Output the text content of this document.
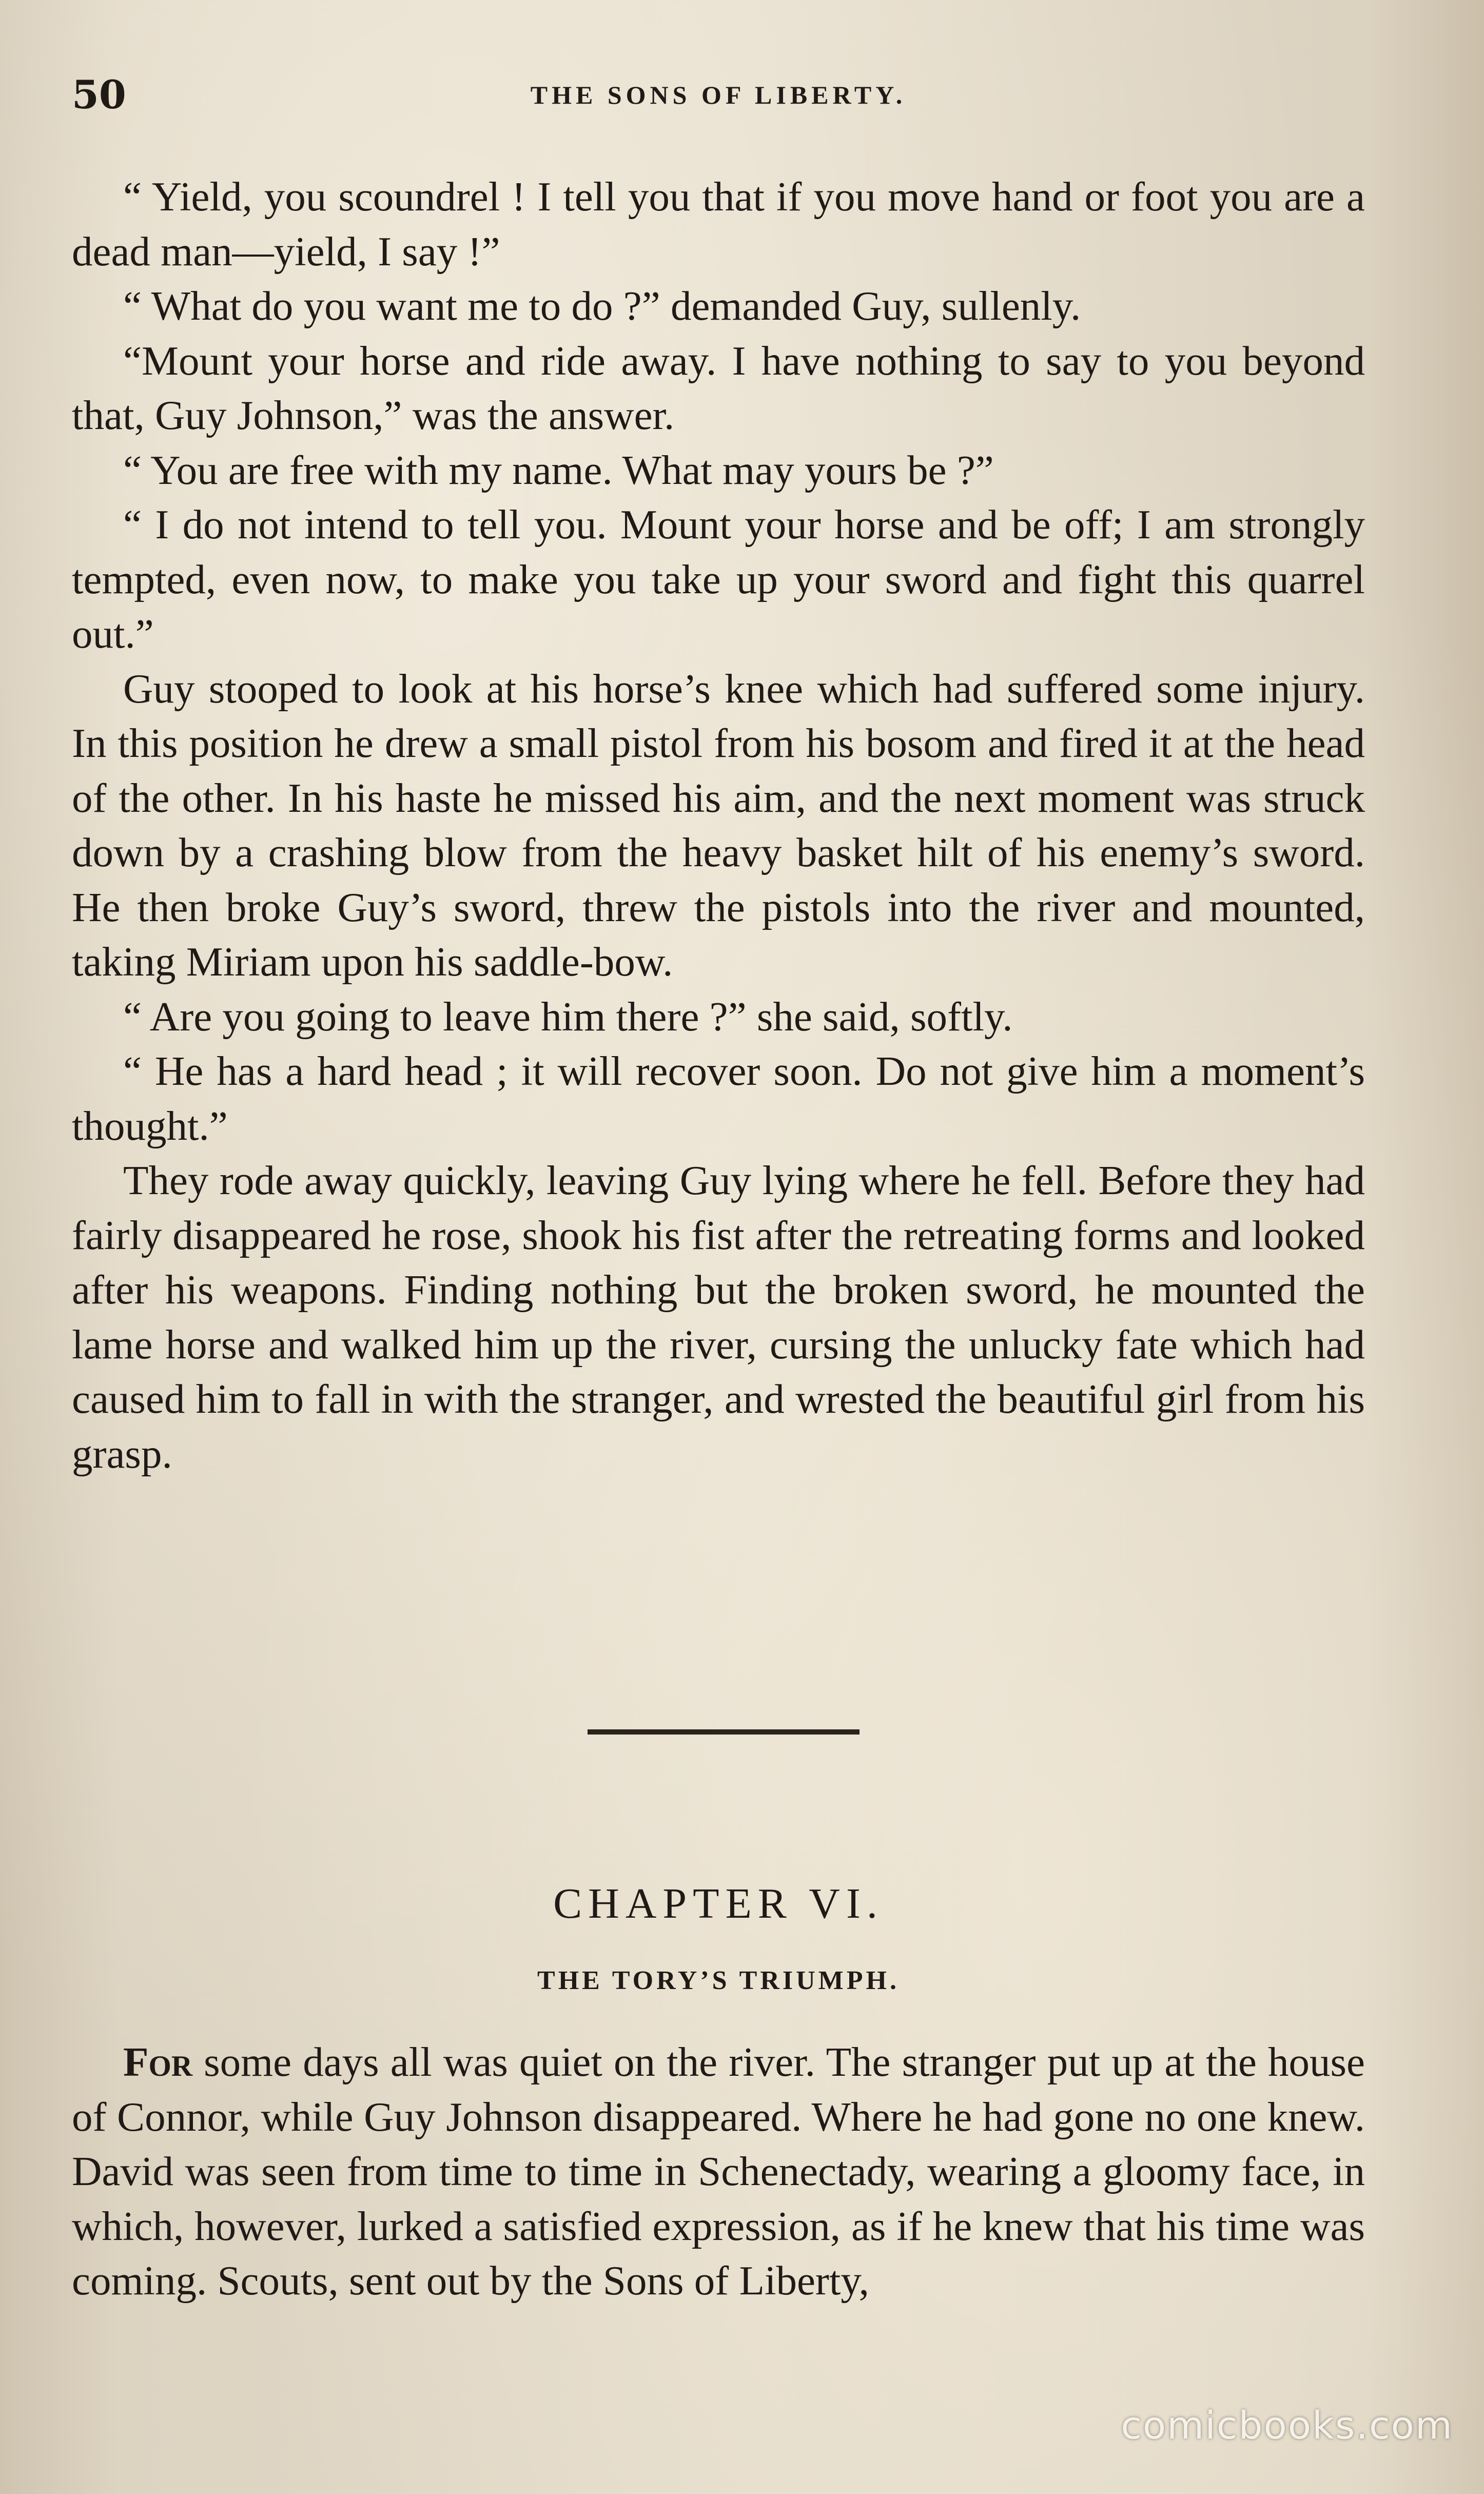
50	THE SONS OF LIBERTY.

“ Yield, you scoundrel ! I tell you that if you move hand or foot you are a dead man—yield, I say !”

“ What do you want me to do ?” demanded Guy, sullenly.

“Mount your horse and ride away. I have nothing to say to you beyond that, Guy Johnson,” was the answer.

“ You are free with my name. What may yours be ?”

“ I do not intend to tell you. Mount your horse and be off; I am strongly tempted, even now, to make you take up your sword and fight this quarrel out.”

Guy stooped to look at his horse’s knee which had suffered some injury. In this position he drew a small pistol from his bosom and fired it at the head of the other. In his haste he missed his aim, and the next moment was struck down by a crashing blow from the heavy basket hilt of his enemy’s sword. He then broke Guy’s sword, threw the pistols into the river and mounted, taking Miriam upon his saddle-bow.

“ Are you going to leave him there ?” she said, softly.

“ He has a hard head ; it will recover soon. Do not give him a moment’s thought.”

They rode away quickly, leaving Guy lying where he fell. Before they had fairly disappeared he rose, shook his fist after the retreating forms and looked after his weapons. Finding nothing but the broken sword, he mounted the lame horse and walked him up the river, cursing the unlucky fate which had caused him to fall in with the stranger, and wrested the beautiful girl from his grasp.

CHAPTER VI.
THE TORY’S TRIUMPH.

For some days all was quiet on the river. The stranger put up at the house of Connor, while Guy Johnson disappeared. Where he had gone no one knew. David was seen from time to time in Schenectady, wearing a gloomy face, in which, however, lurked a satisfied expression, as if he knew that his time was coming. Scouts, sent out by the Sons of Liberty,

comicbooks.com
